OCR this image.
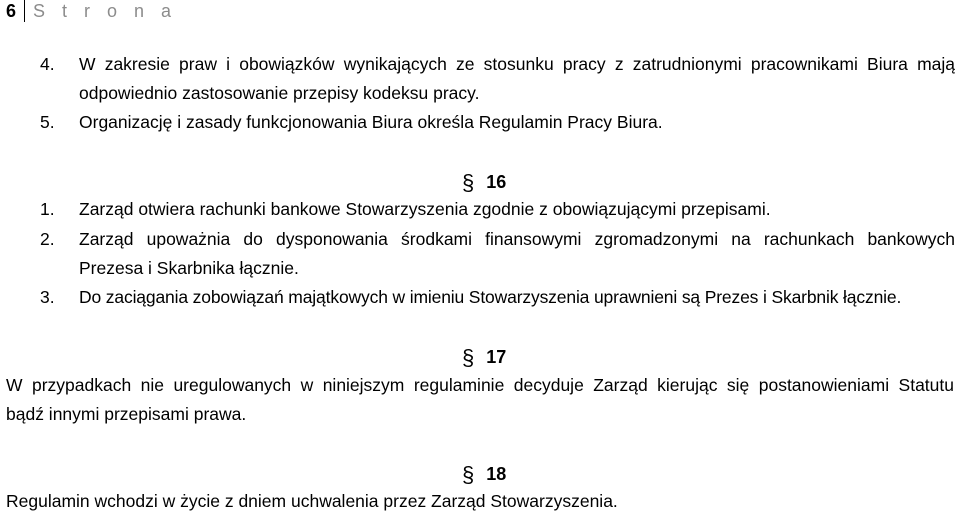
6 S t r o n a
4. W zakresie praw i obowiązków wynikających ze stosunku pracy z zatrudnionymi pracownikami Biura mają
odpowiednio zastosowanie przepisy kodeksu pracy.
5. Organizację i zasady funkcjonowania Biura określa Regulamin Pracy Biura.
§ 16
1. Zarząd otwiera rachunki bankowe Stowarzyszenia zgodnie z obowiązującymi przepisami.
2. Zarząd upoważnia do dysponowania środkami finansowymi zgromadzonymi na rachunkach bankowych
Prezesa i Skarbnika łącznie.
3. Do zaciągania zobowiązań majątkowych w imieniu Stowarzyszenia uprawnieni są Prezes i Skarbnik łącznie.
§ 17
W przypadkach nie uregulowanych w niniejszym regulaminie decyduje Zarząd kierując się postanowieniami Statutu
bądź innymi przepisami prawa.
§ 18
Regulamin wchodzi w życie z dniem uchwalenia przez Zarząd Stowarzyszenia.
